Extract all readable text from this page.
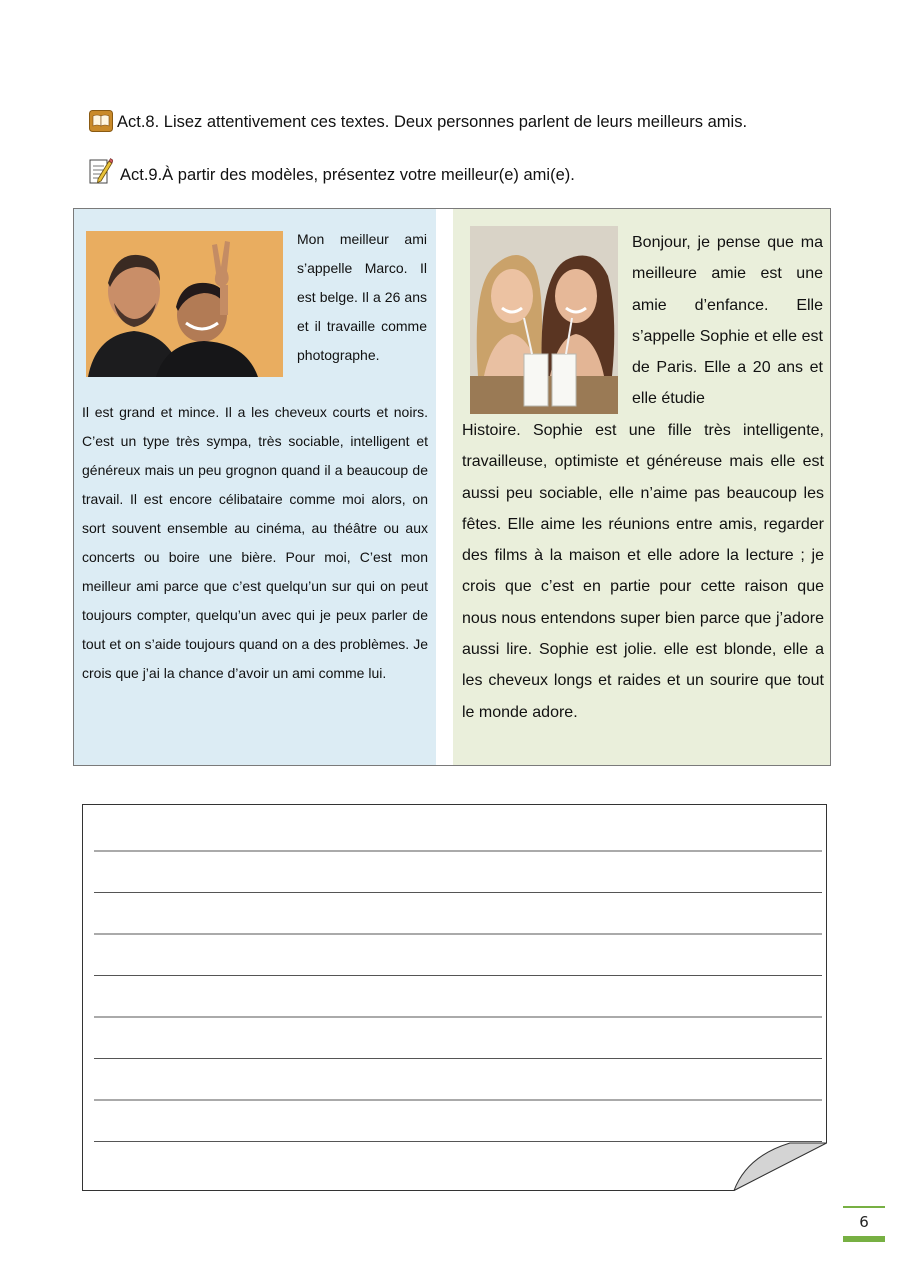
Act.8. Lisez attentivement ces textes. Deux personnes parlent de leurs meilleurs amis.
Act.9.À partir des modèles, présentez votre meilleur(e) ami(e).

Mon meilleur ami s’appelle Marco. Il est belge. Il a 26 ans et il travaille comme photographe.

Il est grand et mince. Il a les cheveux courts et noirs. C’est un type très sympa, très sociable, intelligent et généreux mais un peu grognon quand il a beaucoup de travail. Il est encore célibataire comme moi alors, on sort souvent ensemble au cinéma, au théâtre ou aux concerts ou boire une bière. Pour moi, C’est mon meilleur ami parce que c’est quelqu’un sur qui on peut toujours compter, quelqu’un avec qui je peux parler de tout et on s’aide toujours quand on a des problèmes. Je crois que j’ai la chance d’avoir un ami comme lui.

Bonjour, je pense que ma meilleure amie est une amie d’enfance. Elle s’appelle Sophie et elle est de Paris. Elle a 20 ans et elle étudie

Histoire. Sophie est une fille très intelligente, travailleuse, optimiste et généreuse mais elle est aussi peu sociable, elle n’aime pas beaucoup les fêtes. Elle aime les réunions entre amis, regarder des films à la maison et elle adore la lecture ; je crois que c’est en partie pour cette raison que nous nous entendons super bien parce que j’adore aussi lire. Sophie est jolie. elle est blonde, elle a les cheveux longs et raides et un sourire que tout le monde adore.

6
